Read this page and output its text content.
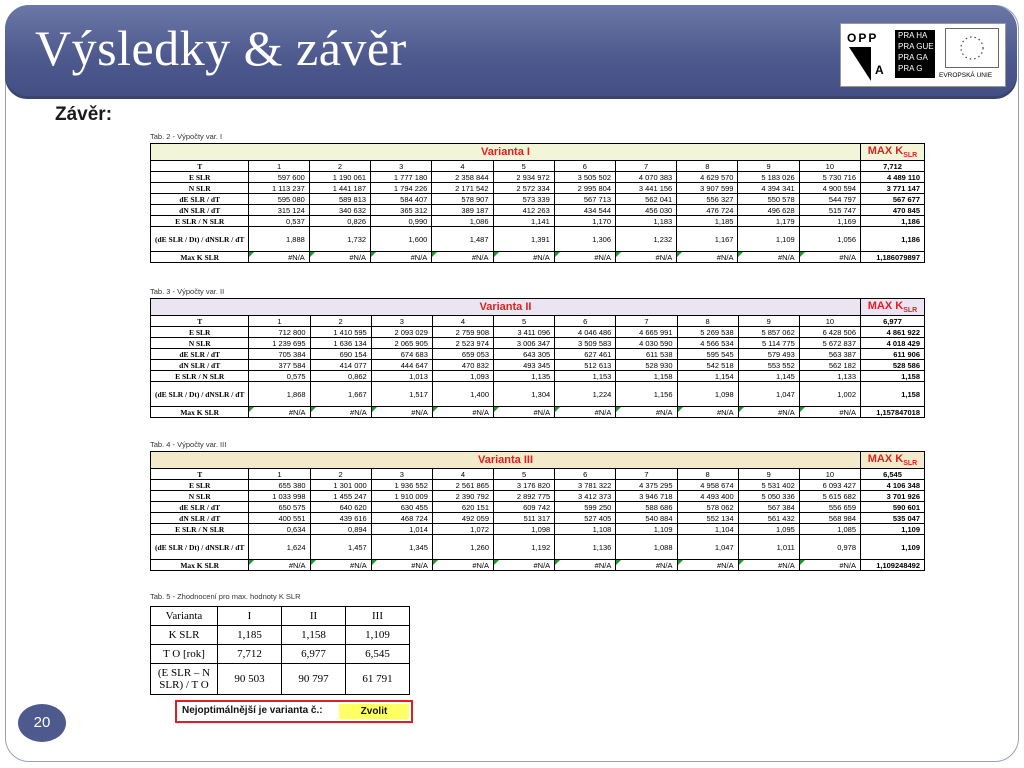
Výsledky & závěr	OPP
A
PRA HA
PRA GUE
PRA GA
PRA G
EVROPSKÁ UNIE
Závěr:
Tab. 2 - Výpočty var. I
Varianta I											MAX $K_{SLR}$
T	1	2	3	4	5	6	7	8	9	10	7,712
E SLR	597 600	1 190 061	1 777 180	2 358 844	2 934 972	3 505 502	4 070 383	4 629 570	5 183 026	5 730 716	4 489 110
N SLR	1 113 237	1 441 187	1 794 226	2 171 542	2 572 334	2 995 804	3 441 156	3 907 599	4 394 341	4 900 594	3 771 147
dE SLR / dT	595 080	589 813	584 407	578 907	573 339	567 713	562 041	556 327	550 578	544 797	567 677
dN SLR / dT	315 124	340 632	365 312	389 187	412 263	434 544	456 030	476 724	496 628	515 747	470 845
E SLR / N SLR	0,537	0,826	0,990	1,086	1,141	1,170	1,183	1,185	1,179	1,169	1,186
(dE SLR / Dt) / dNSLR / dT	1,888	1,732	1,600	1,487	1,391	1,306	1,232	1,167	1,109	1,056	1,186
Max K SLR	#N/A	#N/A	#N/A	#N/A	#N/A	#N/A	#N/A	#N/A	#N/A	#N/A	1,186079897
Tab. 3 - Výpočty var. II
Varianta II											MAX $K_{SLR}$
T	1	2	3	4	5	6	7	8	9	10	6,977
E SLR	712 800	1 410 595	2 093 029	2 759 908	3 411 096	4 046 486	4 665 991	5 269 538	5 857 062	6 428 506	4 861 922
N SLR	1 239 695	1 636 134	2 065 905	2 523 974	3 006 347	3 509 583	4 030 590	4 566 534	5 114 775	5 672 837	4 018 429
dE SLR / dT	705 384	690 154	674 683	659 053	643 305	627 461	611 538	595 545	579 493	563 387	611 906
dN SLR / dT	377 584	414 077	444 647	470 832	493 345	512 613	528 930	542 518	553 552	562 182	528 586
E SLR / N SLR	0,575	0,862	1,013	1,093	1,135	1,153	1,158	1,154	1,145	1,133	1,158
(dE SLR / Dt) / dNSLR / dT	1,868	1,667	1,517	1,400	1,304	1,224	1,156	1,098	1,047	1,002	1,158
Max K SLR	#N/A	#N/A	#N/A	#N/A	#N/A	#N/A	#N/A	#N/A	#N/A	#N/A	1,157847018
Tab. 4 - Výpočty var. III
Varianta III											MAX $K_{SLR}$
T	1	2	3	4	5	6	7	8	9	10	6,545
E SLR	655 380	1 301 000	1 936 552	2 561 865	3 176 820	3 781 322	4 375 295	4 958 674	5 531 402	6 093 427	4 106 348
N SLR	1 033 998	1 455 247	1 910 009	2 390 792	2 892 775	3 412 373	3 946 718	4 493 400	5 050 336	5 615 682	3 701 926
dE SLR / dT	650 575	640 620	630 455	620 151	609 742	599 250	588 686	578 062	567 384	556 659	590 601
dN SLR / dT	400 551	439 616	468 724	492 059	511 317	527 405	540 884	552 134	561 432	568 984	535 047
E SLR / N SLR	0,634	0,894	1,014	1,072	1,098	1,108	1,109	1,104	1,095	1,085	1,109
(dE SLR / Dt) / dNSLR / dT	1,624	1,457	1,345	1,260	1,192	1,136	1,088	1,047	1,011	0,978	1,109
Max K SLR	#N/A	#N/A	#N/A	#N/A	#N/A	#N/A	#N/A	#N/A	#N/A	#N/A	1,109248492
Tab. 5 - Zhodnocení pro max. hodnoty K SLR
Varianta	I	II	III
K SLR	1,185	1,158	1,109
T O [rok]	7,712	6,977	6,545
(E SLR – N SLR) / T O	90 503	90 797	61 791
Nejoptimálnější je varianta č.:	Zvolit
20
